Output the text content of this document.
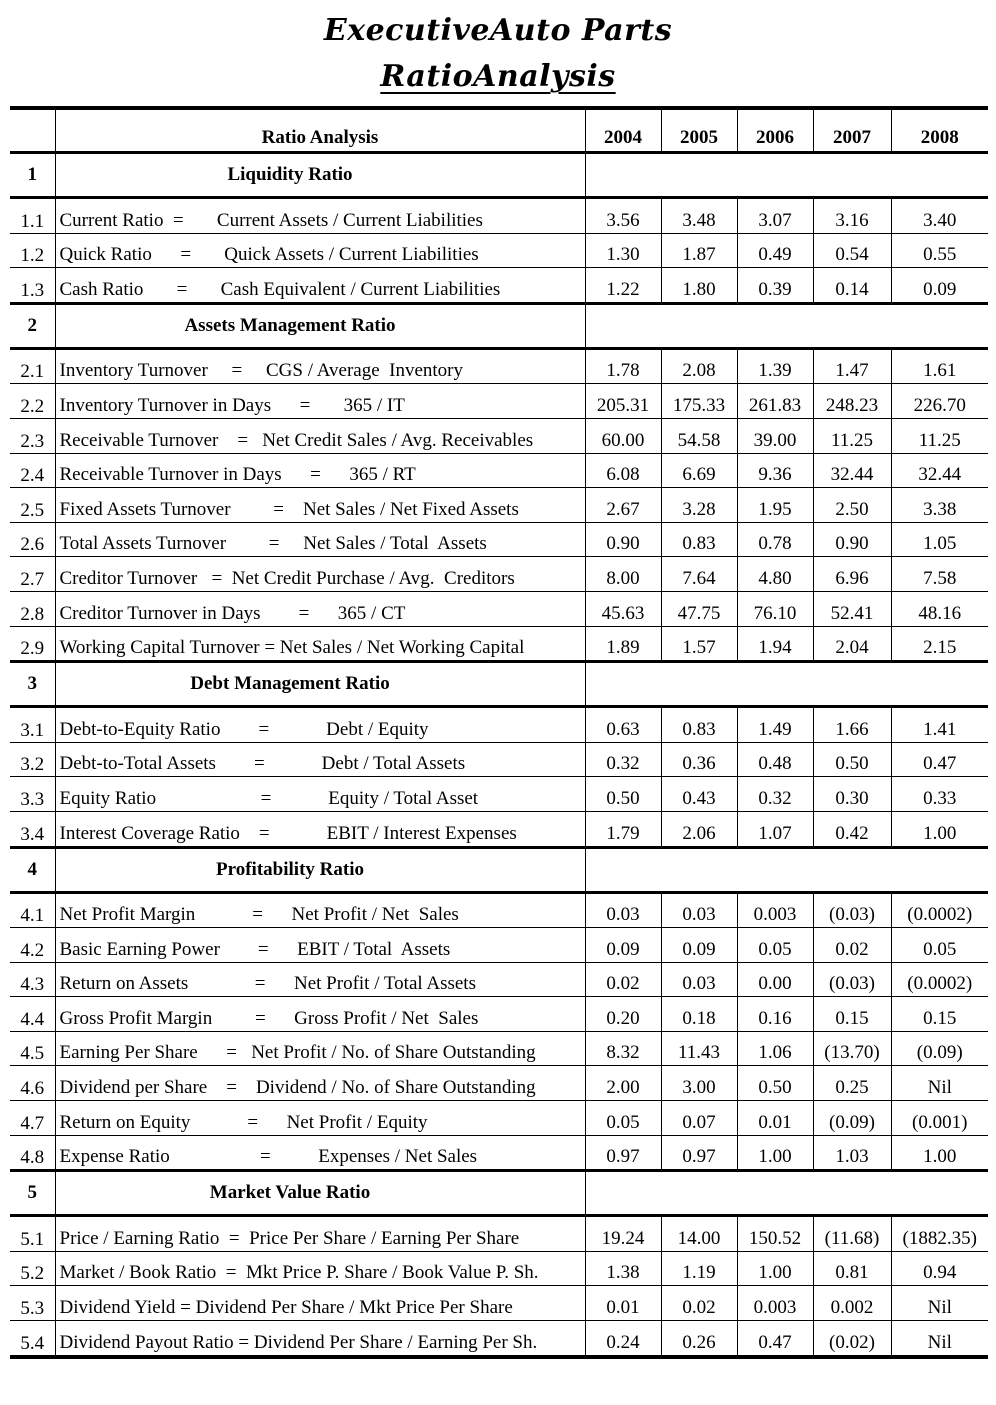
ExecutiveAuto Parts
RatioAnalysis
	Ratio Analysis	2004	2005	2006	2007	2008
1	Liquidity Ratio					
1.1	Current Ratio  =       Current Assets / Current Liabilities	3.56	3.48	3.07	3.16	3.40
1.2	Quick Ratio      =       Quick Assets / Current Liabilities	1.30	1.87	0.49	0.54	0.55
1.3	Cash Ratio       =       Cash Equivalent / Current Liabilities	1.22	1.80	0.39	0.14	0.09
2	Assets Management Ratio					
2.1	Inventory Turnover     =     CGS / Average  Inventory	1.78	2.08	1.39	1.47	1.61
2.2	Inventory Turnover in Days      =       365 / IT	205.31	175.33	261.83	248.23	226.70
2.3	Receivable Turnover    =   Net Credit Sales / Avg. Receivables	60.00	54.58	39.00	11.25	11.25
2.4	Receivable Turnover in Days      =      365 / RT	6.08	6.69	9.36	32.44	32.44
2.5	Fixed Assets Turnover         =    Net Sales / Net Fixed Assets	2.67	3.28	1.95	2.50	3.38
2.6	Total Assets Turnover         =     Net Sales / Total  Assets	0.90	0.83	0.78	0.90	1.05
2.7	Creditor Turnover   =  Net Credit Purchase / Avg.  Creditors	8.00	7.64	4.80	6.96	7.58
2.8	Creditor Turnover in Days        =      365 / CT	45.63	47.75	76.10	52.41	48.16
2.9	Working Capital Turnover = Net Sales / Net Working Capital	1.89	1.57	1.94	2.04	2.15
3	Debt Management Ratio					
3.1	Debt-to-Equity Ratio        =            Debt / Equity	0.63	0.83	1.49	1.66	1.41
3.2	Debt-to-Total Assets        =            Debt / Total Assets	0.32	0.36	0.48	0.50	0.47
3.3	Equity Ratio                      =            Equity / Total Asset	0.50	0.43	0.32	0.30	0.33
3.4	Interest Coverage Ratio    =            EBIT / Interest Expenses	1.79	2.06	1.07	0.42	1.00
4	Profitability Ratio					
4.1	Net Profit Margin            =      Net Profit / Net  Sales	0.03	0.03	0.003	(0.03)	(0.0002)
4.2	Basic Earning Power        =      EBIT / Total  Assets	0.09	0.09	0.05	0.02	0.05
4.3	Return on Assets              =      Net Profit / Total Assets	0.02	0.03	0.00	(0.03)	(0.0002)
4.4	Gross Profit Margin         =      Gross Profit / Net  Sales	0.20	0.18	0.16	0.15	0.15
4.5	Earning Per Share      =   Net Profit / No. of Share Outstanding	8.32	11.43	1.06	(13.70)	(0.09)
4.6	Dividend per Share    =    Dividend / No. of Share Outstanding	2.00	3.00	0.50	0.25	Nil
4.7	Return on Equity            =      Net Profit / Equity	0.05	0.07	0.01	(0.09)	(0.001)
4.8	Expense Ratio                   =          Expenses / Net Sales	0.97	0.97	1.00	1.03	1.00
5	Market Value Ratio					
5.1	Price / Earning Ratio  =  Price Per Share / Earning Per Share	19.24	14.00	150.52	(11.68)	(1882.35)
5.2	Market / Book Ratio  =  Mkt Price P. Share / Book Value P. Sh.	1.38	1.19	1.00	0.81	0.94
5.3	Dividend Yield = Dividend Per Share / Mkt Price Per Share	0.01	0.02	0.003	0.002	Nil
5.4	Dividend Payout Ratio = Dividend Per Share / Earning Per Sh.	0.24	0.26	0.47	(0.02)	Nil
